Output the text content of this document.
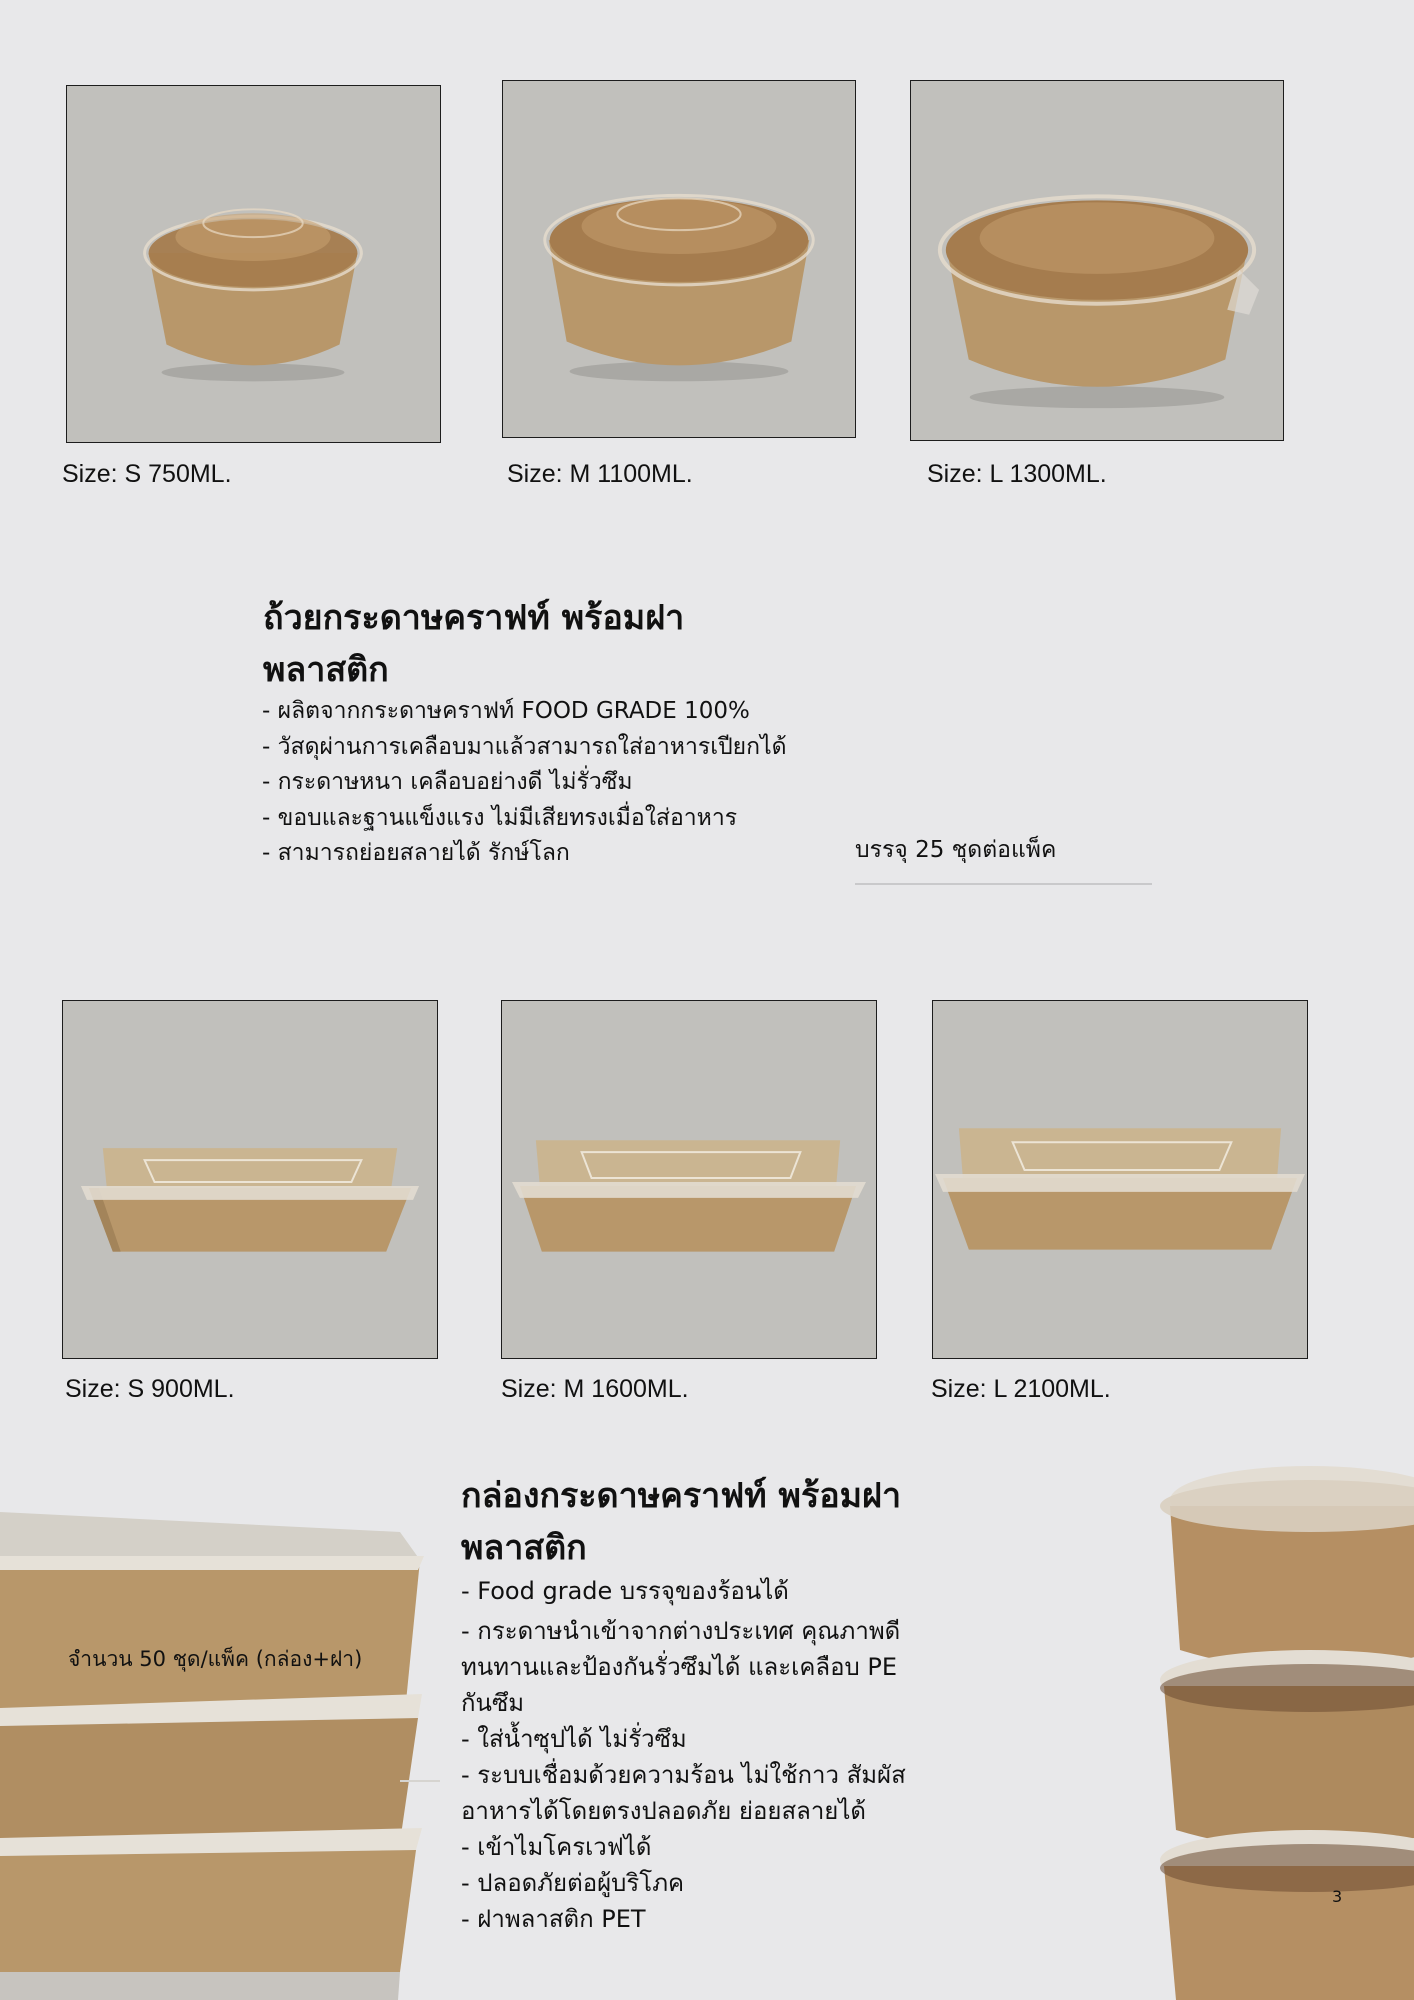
Size: S 750ML.	Size: M 1100ML.	Size: L 1300ML.
ถ้วยกระดาษคราฟท์ พร้อมฝา
พลาสติก
- ผลิตจากกระดาษคราฟท์ FOOD GRADE 100%
- วัสดุผ่านการเคลือบมาแล้วสามารถใส่อาหารเปียกได้
- กระดาษหนา เคลือบอย่างดี ไม่รั่วซึม
- ขอบและฐานแข็งแรง ไม่มีเสียทรงเมื่อใส่อาหาร
- สามารถย่อยสลายได้ รักษ์โลก	บรรจุ 25 ชุดต่อแพ็ค
Size: S 900ML.	Size: M 1600ML.	Size: L 2100ML.
จำนวน 50 ชุด/แพ็ค (กล่อง+ฝา)
กล่องกระดาษคราฟท์ พร้อมฝา
พลาสติก
- Food grade บรรจุของร้อนได้
- กระดาษนำเข้าจากต่างประเทศ คุณภาพดี ทนทานและป้องกันรั่วซึมได้ และเคลือบ PE กันซึม
- ใส่น้ำซุปได้ ไม่รั่วซึม
- ระบบเชื่อมด้วยความร้อน ไม่ใช้กาว สัมผัส อาหารได้โดยตรงปลอดภัย ย่อยสลายได้
- เข้าไมโครเวฟได้
- ปลอดภัยต่อผู้บริโภค
- ฝาพลาสติก PET
3
